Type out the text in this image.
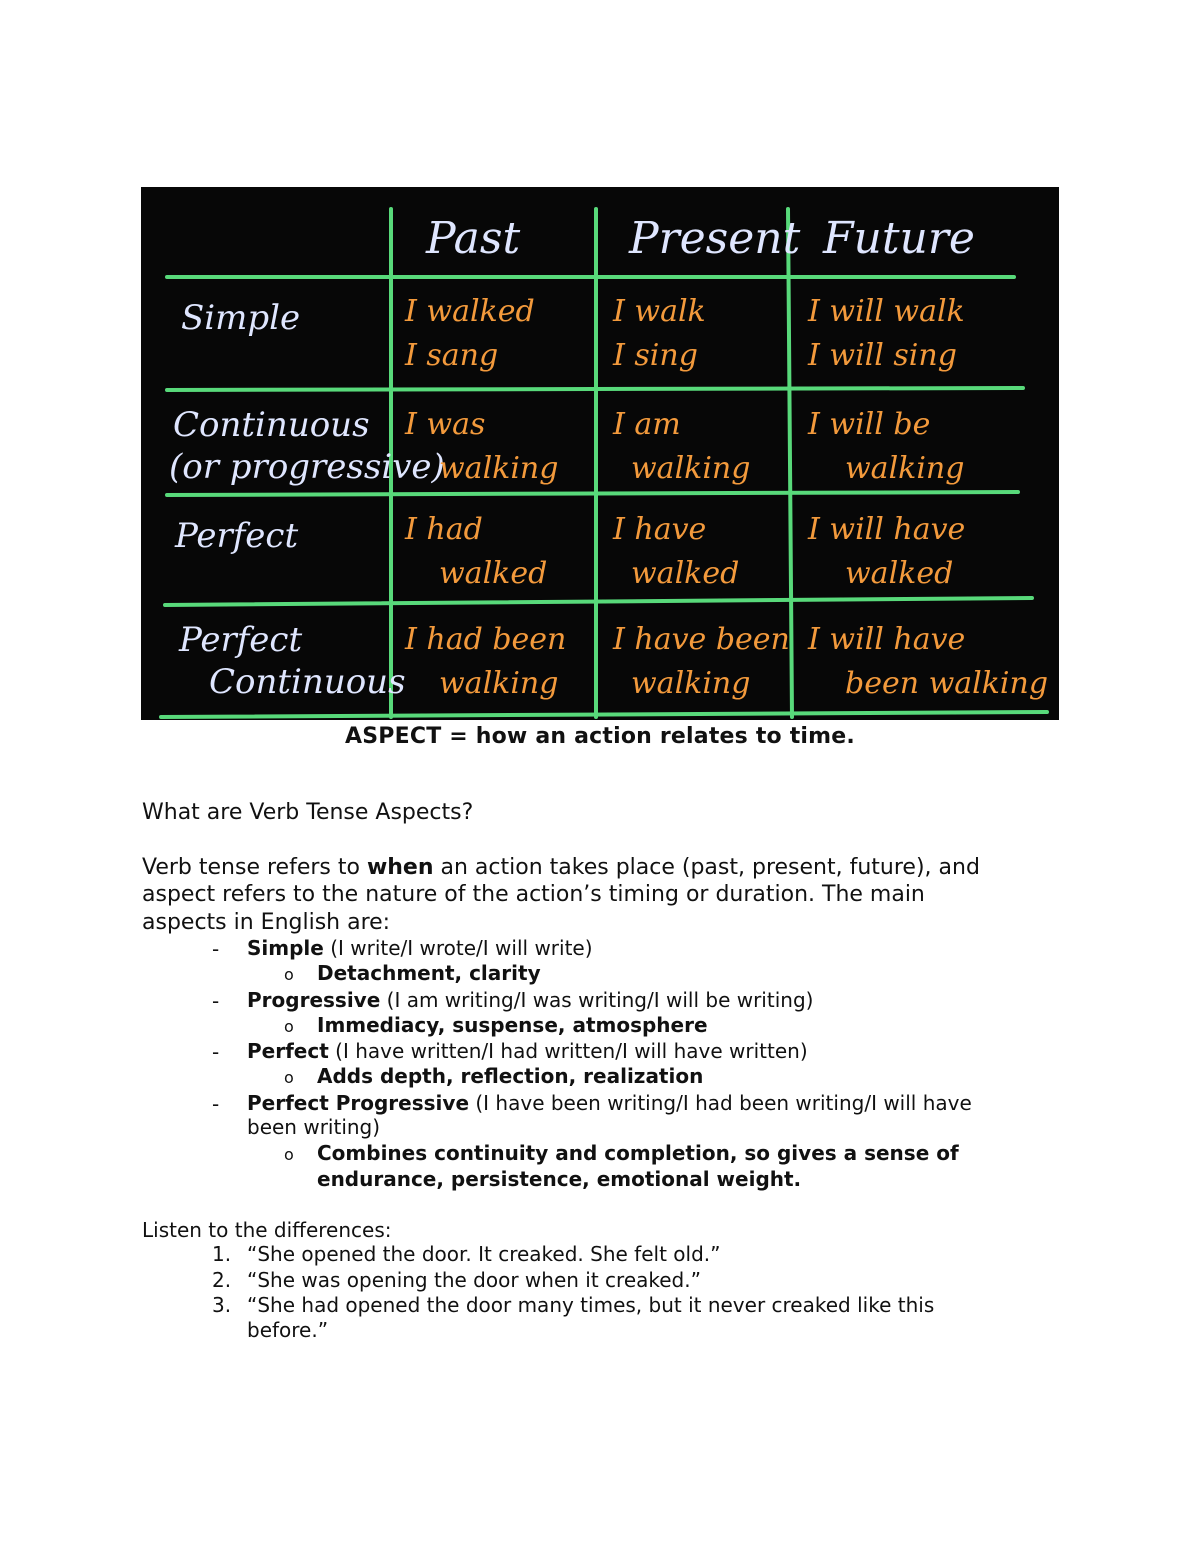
Past Present Future
Simple	I walked
I sang
I walk
I sing
I will walk
I will sing
Continuous
(or progressive)
I was
walking
I am
walking
I will be
walking
Perfect	I had
walked
I have
walked
I will have
walked
Perfect
Continuous
I had been
walking
I have been
walking
I will have
been walking
ASPECT = how an action relates to time.
What are Verb Tense Aspects?
Verb tense refers to when an action takes place (past, present, future), and
aspect refers to the nature of the action’s timing or duration. The main
aspects in English are:
- Simple (I write/I wrote/I will write)
o Detachment, clarity
- Progressive (I am writing/I was writing/I will be writing)
o Immediacy, suspense, atmosphere
- Perfect (I have written/I had written/I will have written)
o Adds depth, reflection, realization
- Perfect Progressive (I have been writing/I had been writing/I will have
been writing)
o Combines continuity and completion, so gives a sense of
endurance, persistence, emotional weight.
Listen to the differences:
1. “She opened the door. It creaked. She felt old.”
2. “She was opening the door when it creaked.”
3. “She had opened the door many times, but it never creaked like this
before.”
